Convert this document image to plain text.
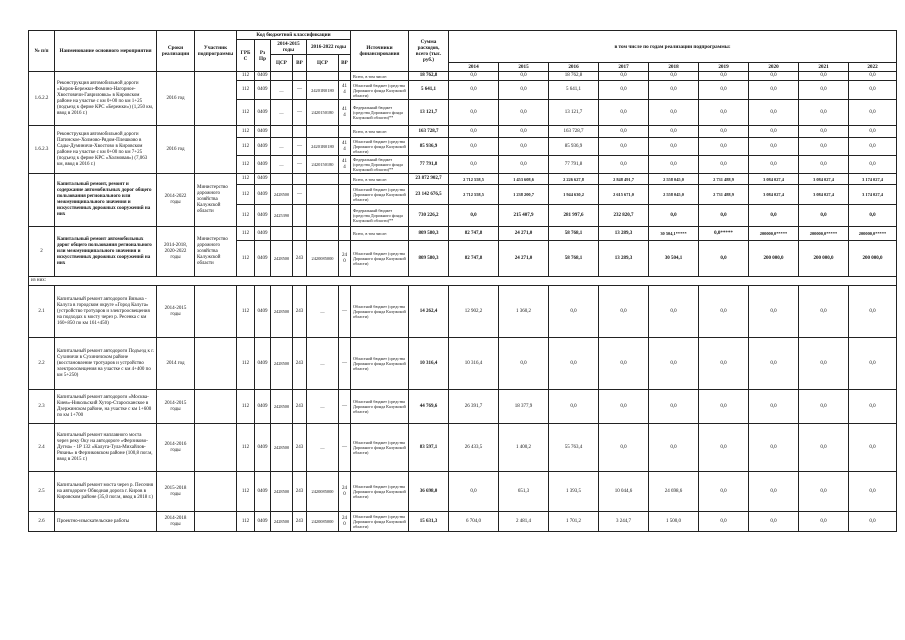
№ п/п	Наименование основного мероприятия	Сроки реализации	Участник подпрограммы	Код бюджетной классификации						Источники финансирования	Сумма расходов, всего (тыс. руб.)	в том числе по годам реализации подпрограммы:								
				ГРБС	Рз Пр	2014-2015 годы		2016-2022 годы												
						ЦСР	ВР	ЦСР	ВР											
												2014	2015	2016	2017	2018	2019	2020	2021	2022
1.6.2.2	Реконструкция автомобильной дороги «Киров-Бережки-Фомино-Нагорное-Хвостовичи-Гавриловка» в Кировском районе на участке с км 0+00 по км 1+25 (подъезд к ферме КРС «Бережки») (1,250 км, ввод в 2016 г.)	2016 год		112	0409					Всего, в том числе:	18 762,8	0,0	0,0	18 762,8	0,0	0,0	0,0	0,0	0,0	0,0
				112	0409	—	—	24201R0180	414	Областной бюджет (средства Дорожного фонда Калужской области)	5 641,1	0,0	0,0	5 641,1	0,0	0,0	0,0	0,0	0,0	0,0
				112	0409	—	—	2420150180	414	Федеральный бюджет (средства Дорожного фонда Калужской области)**	13 121,7	0,0	0,0	13 121,7	0,0	0,0	0,0	0,0	0,0	0,0
1.6.2.3	Реконструкция автомобильной дороги Патинское-Холмово-Рядом-Плешково в Сады-Думиничи-Хвостово в Кировском районе на участке с км 0+00 по км 7+25 (подъезд к ферме КРС «Холмовая») (7,063 км, ввод в 2016 г.)	2016 год		112	0409					Всего, в том числе:	163 728,7	0,0	0,0	163 728,7	0,0	0,0	0,0	0,0	0,0	0,0
				112	0409	—	—	24201R0180	414	Областной бюджет (средства Дорожного фонда Калужской области)	85 936,9	0,0	0,0	85 936,9	0,0	0,0	0,0	0,0	0,0	0,0
				112	0409	—	—	2420150180	414	Федеральный бюджет (средства Дорожного фонда Калужской области)**	77 791,8	0,0	0,0	77 791,8	0,0	0,0	0,0	0,0	0,0	0,0
	Капитальный ремонт, ремонт и содержание автомобильных дорог общего пользования регионального или межмуниципального значения и искусственных дорожных сооружений на них	2014-2022 годы	Министерство дорожного хозяйства Калужской области	112	0409					Всего, в том числе:	23 872 902,7	2 712 558,5	1 453 608,6	2 226 627,8	2 848 491,7	2 558 045,0	2 731 488,9	3 084 027,4	3 084 027,4	3 174 027,4
				112	0409	2428500	—			Областной бюджет (средства Дорожного фонда Калужской области)	23 142 676,5	2 712 558,5	1 238 200,7	1 944 630,2	2 615 671,0	2 558 045,0	2 731 488,9	3 084 027,4	3 084 027,4	3 174 027,4
				112	0409	2425390				Федеральный бюджет (средства Дорожного фонда Калужской области)**	730 226,2	0,0	215 407,9	281 997,6	232 820,7	0,0	0,0	0,0	0,0	0,0
2	Капитальный ремонт автомобильных дорог общего пользования регионального или межмуниципального значения и искусственных дорожных сооружений на них	2014-2018, 2020-2022 годы	Министерство дорожного хозяйства Калужской области	112	0409					Всего, в том числе:	809 580,3	82 747,8	24 271,0	58 768,1	13 289,3	30 504,1*****	0,0*****	200000,0*****	200000,0*****	200000,0*****
				112	0409	2428500	243	2420085000	240	Областной бюджет (средства Дорожного фонда Калужской области)	809 580,3	82 747,8	24 271,0	58 768,1	13 289,3	30 504,1	0,0	200 000,0	200 000,0	200 000,0
из них:																				
2.1	Капитальный ремонт автодороги Вязьма - Калуга в городском округе «Город Калуга» (устройство тротуаров и электроосвещения на подходах к мосту через р. Ресенка с км 160+850 по км 161+450)	2014-2015 годы		112	0409	2428500	243	—	—	Областной бюджет (средства Дорожного фонда Калужской области)	14 262,4	12 902,2	1 360,2	0,0	0,0	0,0	0,0	0,0	0,0	0,0
2.2	Капитальный ремонт автодороги Подъезд к г. Сухиничи в Сухиничском районе (восстановление тротуаров и устройство электроосвещения на участке с км 4+400 по км 5+250)	2014 год		112	0409	2428500	243	—	—	Областной бюджет (средства Дорожного фонда Калужской области)	10 316,4	10 316,4	0,0	0,0	0,0	0,0	0,0	0,0	0,0	0,0
2.3	Капитальный ремонт автодороги «Москва-Киев»-Никольский Хутор-Старосканское в Дзержинском районе, на участке с км 1+600 по км 1+700	2014-2015 годы		112	0409	2428500	243	—	—	Областной бюджет (средства Дорожного фонда Калужской области)	44 769,6	26 391,7	18 377,9	0,0	0,0	0,0	0,0	0,0	0,0	0,0
2.4	Капитальный ремонт наплавного моста через реку Оку на автодороге «Ферзиково-Дугна» - 1Р 132 «Калуга-Тула-Михайлов-Рязань» в Ферзиковском районе (100,8 пог.м, ввод в 2015 г.)	2014-2016 годы		112	0409	2428500	243	—	—	Областной бюджет (средства Дорожного фонда Калужской области)	83 597,1	26 433,5	1 400,2	55 763,4	0,0	0,0	0,0	0,0	0,0	0,0
2.5	Капитальный ремонт моста через р. Песочня на автодороге Обводная дорога г. Киров в Кировском районе (35,0 пог.м, ввод в 2018 г.)	2015-2018 годы		112	0409	2428500	243	2420085000	240	Областной бюджет (средства Дорожного фонда Калужской области)	36 698,0	0,0	651,3	1 393,5	10 044,6	24 698,6	0,0	0,0	0,0	0,0
2.6	Проектно-изыскательские работы	2014-2018 годы		112	0409	2428500	243	2420085000	240	Областной бюджет (средства Дорожного фонда Калужской области)	15 631,3	6 704,0	2 481,4	1 701,2	3 244,7	1 500,0	0,0	0,0	0,0	0,0
